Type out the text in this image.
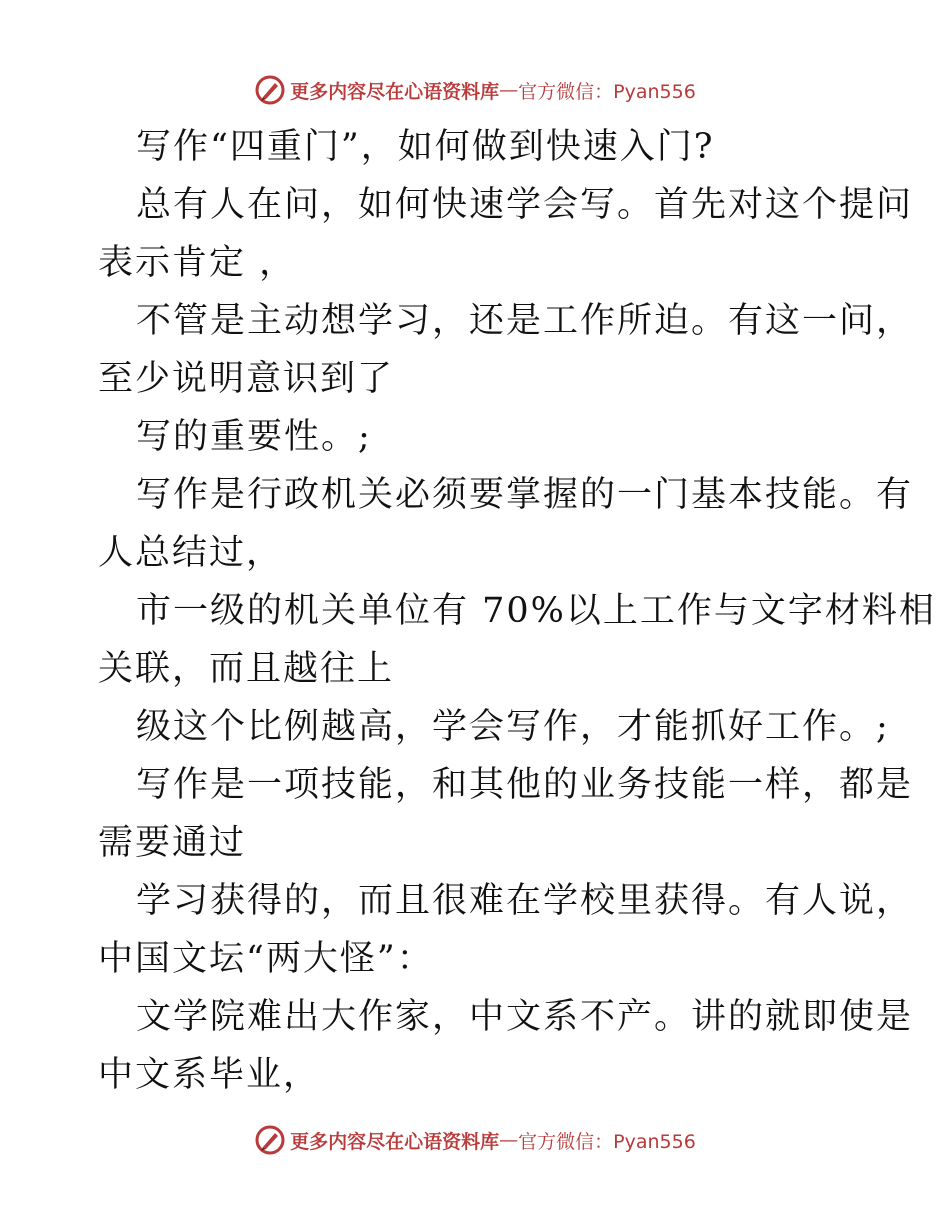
更多内容尽在心语资料库 — 官方微信：Pyan556
写作“四重门”，如何做到快速入门?
总有人在问，如何快速学会写。首先对这个提问
表示肯定 ，
不管是主动想学习，还是工作所迫。有这一问，
至少说明意识到了
写的重要性。;
写作是行政机关必须要掌握的一门基本技能。有
人总结过，
市一级的机关单位有 70%以上工作与文字材料相
关联，而且越往上
级这个比例越高，学会写作，才能抓好工作。;
写作是一项技能，和其他的业务技能一样，都是
需要通过
学习获得的，而且很难在学校里获得。有人说，
中国文坛“两大怪”：
文学院难出大作家，中文系不产。讲的就即使是
中文系毕业，
更多内容尽在心语资料库 — 官方微信：Pyan556
